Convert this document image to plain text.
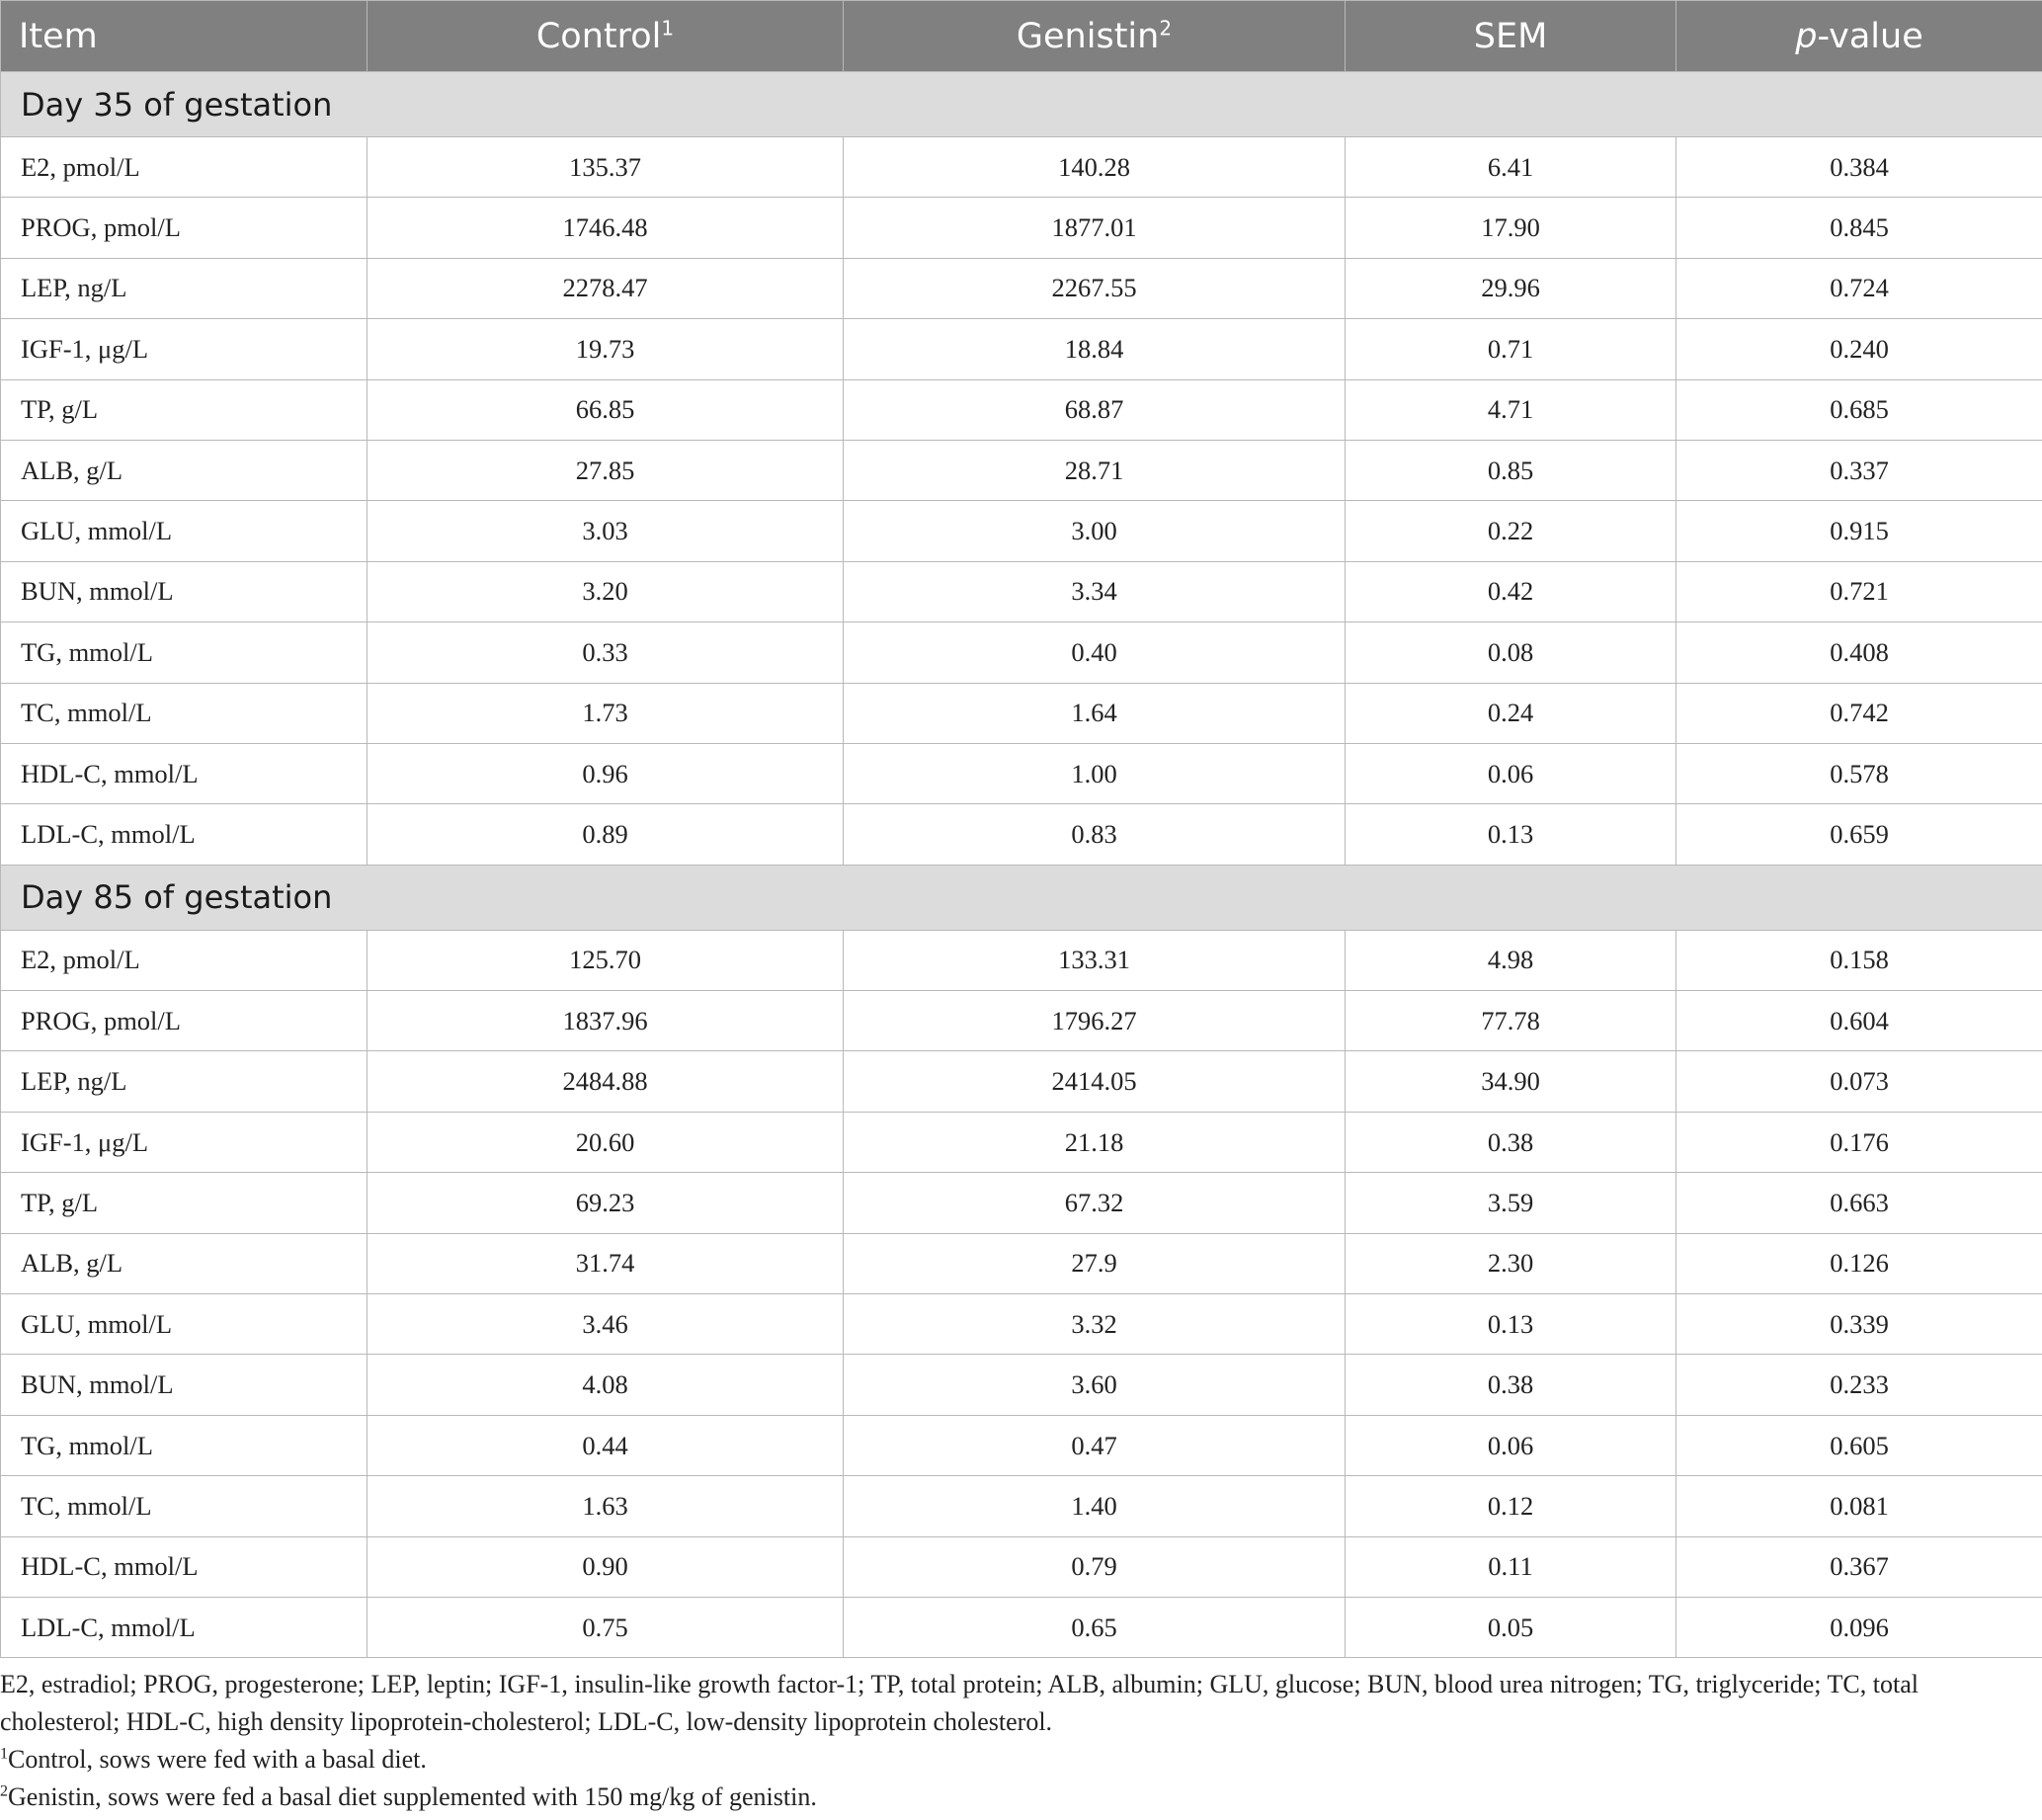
Item	Control$^1$	Genistin$^2$	SEM	p-value
Day 35 of gestation				
E2, pmol/L	135.37	140.28	6.41	0.384
PROG, pmol/L	1746.48	1877.01	17.90	0.845
LEP, ng/L	2278.47	2267.55	29.96	0.724
IGF-1, μg/L	19.73	18.84	0.71	0.240
TP, g/L	66.85	68.87	4.71	0.685
ALB, g/L	27.85	28.71	0.85	0.337
GLU, mmol/L	3.03	3.00	0.22	0.915
BUN, mmol/L	3.20	3.34	0.42	0.721
TG, mmol/L	0.33	0.40	0.08	0.408
TC, mmol/L	1.73	1.64	0.24	0.742
HDL-C, mmol/L	0.96	1.00	0.06	0.578
LDL-C, mmol/L	0.89	0.83	0.13	0.659
Day 85 of gestation				
E2, pmol/L	125.70	133.31	4.98	0.158
PROG, pmol/L	1837.96	1796.27	77.78	0.604
LEP, ng/L	2484.88	2414.05	34.90	0.073
IGF-1, μg/L	20.60	21.18	0.38	0.176
TP, g/L	69.23	67.32	3.59	0.663
ALB, g/L	31.74	27.9	2.30	0.126
GLU, mmol/L	3.46	3.32	0.13	0.339
BUN, mmol/L	4.08	3.60	0.38	0.233
TG, mmol/L	0.44	0.47	0.06	0.605
TC, mmol/L	1.63	1.40	0.12	0.081
HDL-C, mmol/L	0.90	0.79	0.11	0.367
LDL-C, mmol/L	0.75	0.65	0.05	0.096

E2, estradiol; PROG, progesterone; LEP, leptin; IGF-1, insulin-like growth factor-1; TP, total protein; ALB, albumin; GLU, glucose; BUN, blood urea nitrogen; TG, triglyceride; TC, total cholesterol; HDL-C, high density lipoprotein-cholesterol; LDL-C, low-density lipoprotein cholesterol.

$^1$Control, sows were fed with a basal diet.

$^2$Genistin, sows were fed a basal diet supplemented with 150 mg/kg of genistin.
